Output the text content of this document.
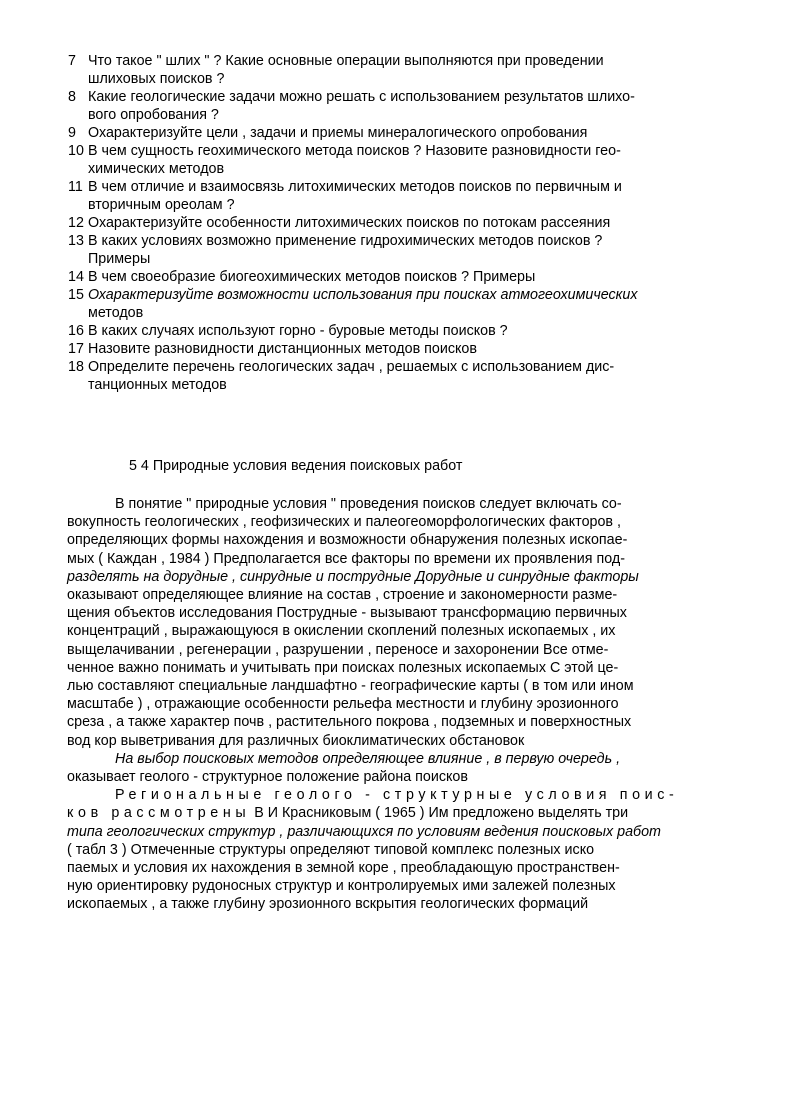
7 Что такое " шлих " ? Какие основные операции выполняются при проведении
шлиховых поисков ?
8 Какие геологические задачи можно решать с использованием результатов шлихо-
вого опробования ?
9 Охарактеризуйте цели , задачи и приемы минералогического опробования
10 В чем сущность геохимического метода поисков ? Назовите разновидности гео-
химических методов
11 В чем отличие и взаимосвязь литохимических методов поисков по первичным и
вторичным ореолам ?
12 Охарактеризуйте особенности литохимических поисков по потокам рассеяния
13 В каких условиях возможно применение гидрохимических методов поисков ?
Примеры
14 В чем своеобразие биогеохимических методов поисков ? Примеры
15 Охарактеризуйте возможности использования при поисках атмогеохимических
методов
16 В каких случаях используют горно - буровые методы поисков ?
17 Назовите разновидности дистанционных методов поисков
18 Определите перечень геологических задач , решаемых с использованием дис-
танционных методов
5 4 Природные условия ведения поисковых работ
В понятие " природные условия " проведения поисков следует включать со-
вокупность геологических , геофизических и палеогеоморфологических факторов ,
определяющих формы нахождения и возможности обнаружения полезных ископае-
мых ( Каждан , 1984 ) Предполагается все факторы по времени их проявления под-
разделять на дорудные , синрудные и пострудные Дорудные и синрудные факторы
оказывают определяющее влияние на состав , строение и закономерности разме-
щения объектов исследования Пострудные - вызывают трансформацию первичных
концентраций , выражающуюся в окислении скоплений полезных ископаемых , их
выщелачивании , регенерации , разрушении , переносе и захоронении Все отме-
ченное важно понимать и учитывать при поисках полезных ископаемых С этой це-
лью составляют специальные ландшафтно - географические карты ( в том или ином
масштабе ) , отражающие особенности рельефа местности и глубину эрозионного
среза , а также характер почв , растительного покрова , подземных и поверхностных
вод кор выветривания для различных биоклиматических обстановок
На выбор поисковых методов определяющее влияние , в первую очередь ,
оказывает геолого - структурное положение района поисков
Региональные геолого - структурные условия поис-
ков рассмотрены В И Красниковым ( 1965 ) Им предложено выделять три
типа геологических структур , различающихся по условиям ведения поисковых работ
( табл 3 ) Отмеченные структуры определяют типовой комплекс полезных иско
паемых и условия их нахождения в земной коре , преобладающую пространствен-
ную ориентировку рудоносных структур и контролируемых ими залежей полезных
ископаемых , а также глубину эрозионного вскрытия геологических формаций
